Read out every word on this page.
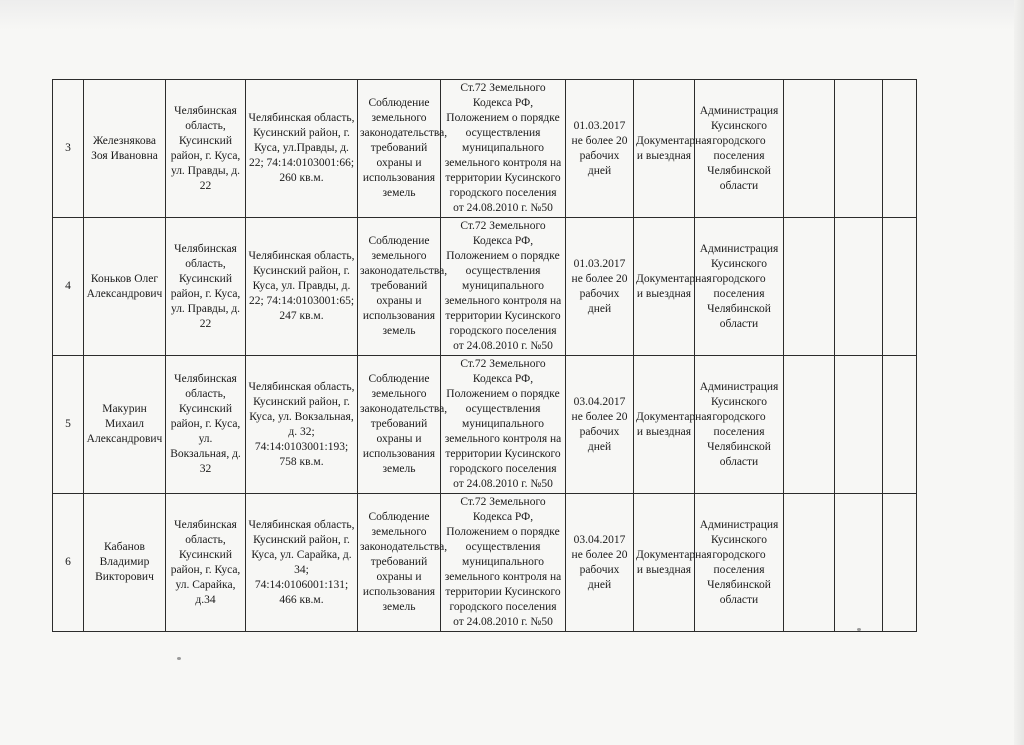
3	Железнякова Зоя Ивановна	Челябинская область, Кусинский район, г. Куса, ул. Правды, д. 22	Челябинская область, Кусинский район, г. Куса, ул.Правды, д. 22; 74:14:0103001:66; 260 кв.м.	Соблюдение земельного законодательства, требований охраны и использования земель	Ст.72 Земельного Кодекса РФ, Положением о порядке осуществления муниципального земельного контроля на территории Кусинского городского поселения от 24.08.2010 г. №50	01.03.2017 не более 20 рабочих дней	Документарная и выездная	Администрация Кусинского городского поселения Челябинской области			
4	Коньков Олег Александрович	Челябинская область, Кусинский район, г. Куса, ул. Правды, д. 22	Челябинская область, Кусинский район, г. Куса, ул. Правды, д. 22; 74:14:0103001:65; 247 кв.м.	Соблюдение земельного законодательства, требований охраны и использования земель	Ст.72 Земельного Кодекса РФ, Положением о порядке осуществления муниципального земельного контроля на территории Кусинского городского поселения от 24.08.2010 г. №50	01.03.2017 не более 20 рабочих дней	Документарная и выездная	Администрация Кусинского городского поселения Челябинской области			
5	Макурин Михаил Александрович	Челябинская область, Кусинский район, г. Куса, ул. Вокзальная, д. 32	Челябинская область, Кусинский район, г. Куса, ул. Вокзальная, д. 32; 74:14:0103001:193; 758 кв.м.	Соблюдение земельного законодательства, требований охраны и использования земель	Ст.72 Земельного Кодекса РФ, Положением о порядке осуществления муниципального земельного контроля на территории Кусинского городского поселения от 24.08.2010 г. №50	03.04.2017 не более 20 рабочих дней	Документарная и выездная	Администрация Кусинского городского поселения Челябинской области			
6	Кабанов Владимир Викторович	Челябинская область, Кусинский район, г. Куса, ул. Сарайка, д.34	Челябинская область, Кусинский район, г. Куса, ул. Сарайка, д. 34; 74:14:0106001:131; 466 кв.м.	Соблюдение земельного законодательства, требований охраны и использования земель	Ст.72 Земельного Кодекса РФ, Положением о порядке осуществления муниципального земельного контроля на территории Кусинского городского поселения от 24.08.2010 г. №50	03.04.2017 не более 20 рабочих дней	Документарная и выездная	Администрация Кусинского городского поселения Челябинской области			
